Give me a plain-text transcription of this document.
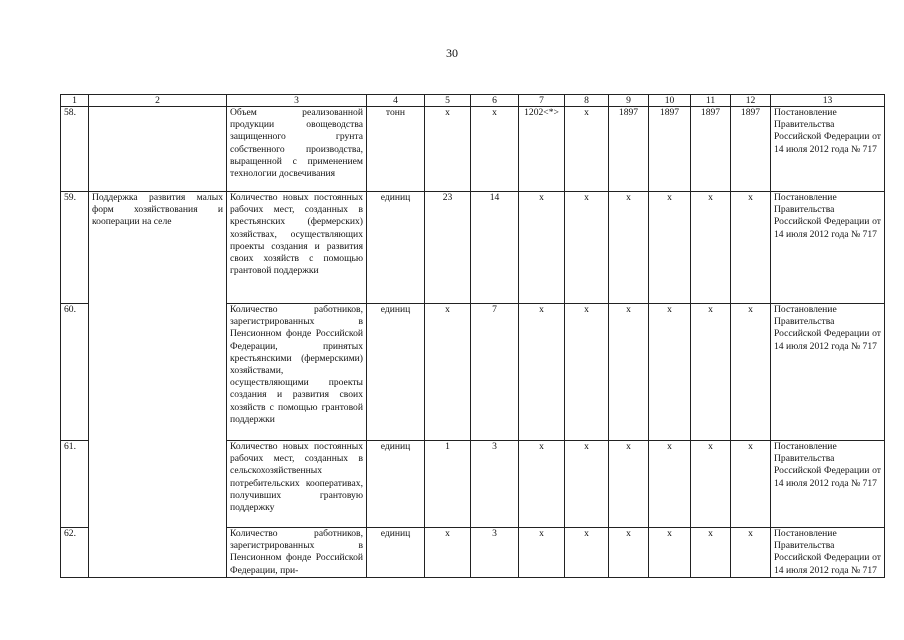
30
1	2	3	4	5	6	7	8	9	10	11	12	13
58.		Объем реализованной продукции овощеводства защищенного грунта собственного производства, выращенной с применением технологии досвечивания	тонн	х	х	1202<*>	х	1897	1897	1897	1897	Постановление Правительства Российской Федерации от 14 июля 2012 года № 717
59.	Поддержка развития малых форм хозяйствования и кооперации на селе	Количество новых постоянных рабочих мест, созданных в крестьянских (фермерских) хозяйствах, осуществляющих проекты создания и развития своих хозяйств с помощью грантовой поддержки	единиц	23	14	х	х	х	х	х	х	Постановление Правительства Российской Федерации от 14 июля 2012 года № 717
60.		Количество работников, зарегистрированных в Пенсионном фонде Российской Федерации, принятых крестьянскими (фермерскими) хозяйствами, осуществляющими проекты создания и развития своих хозяйств с помощью грантовой поддержки	единиц	х	7	х	х	х	х	х	х	Постановление Правительства Российской Федерации от 14 июля 2012 года № 717
61.		Количество новых постоянных рабочих мест, созданных в сельскохозяйственных потребительских кооперативах, получивших грантовую поддержку	единиц	1	3	х	х	х	х	х	х	Постановление Правительства Российской Федерации от 14 июля 2012 года № 717
62.		Количество работников, зарегистрированных в Пенсионном фонде Российской Федерации, при-	единиц	х	3	х	х	х	х	х	х	Постановление Правительства Российской Федерации от 14 июля 2012 года № 717
